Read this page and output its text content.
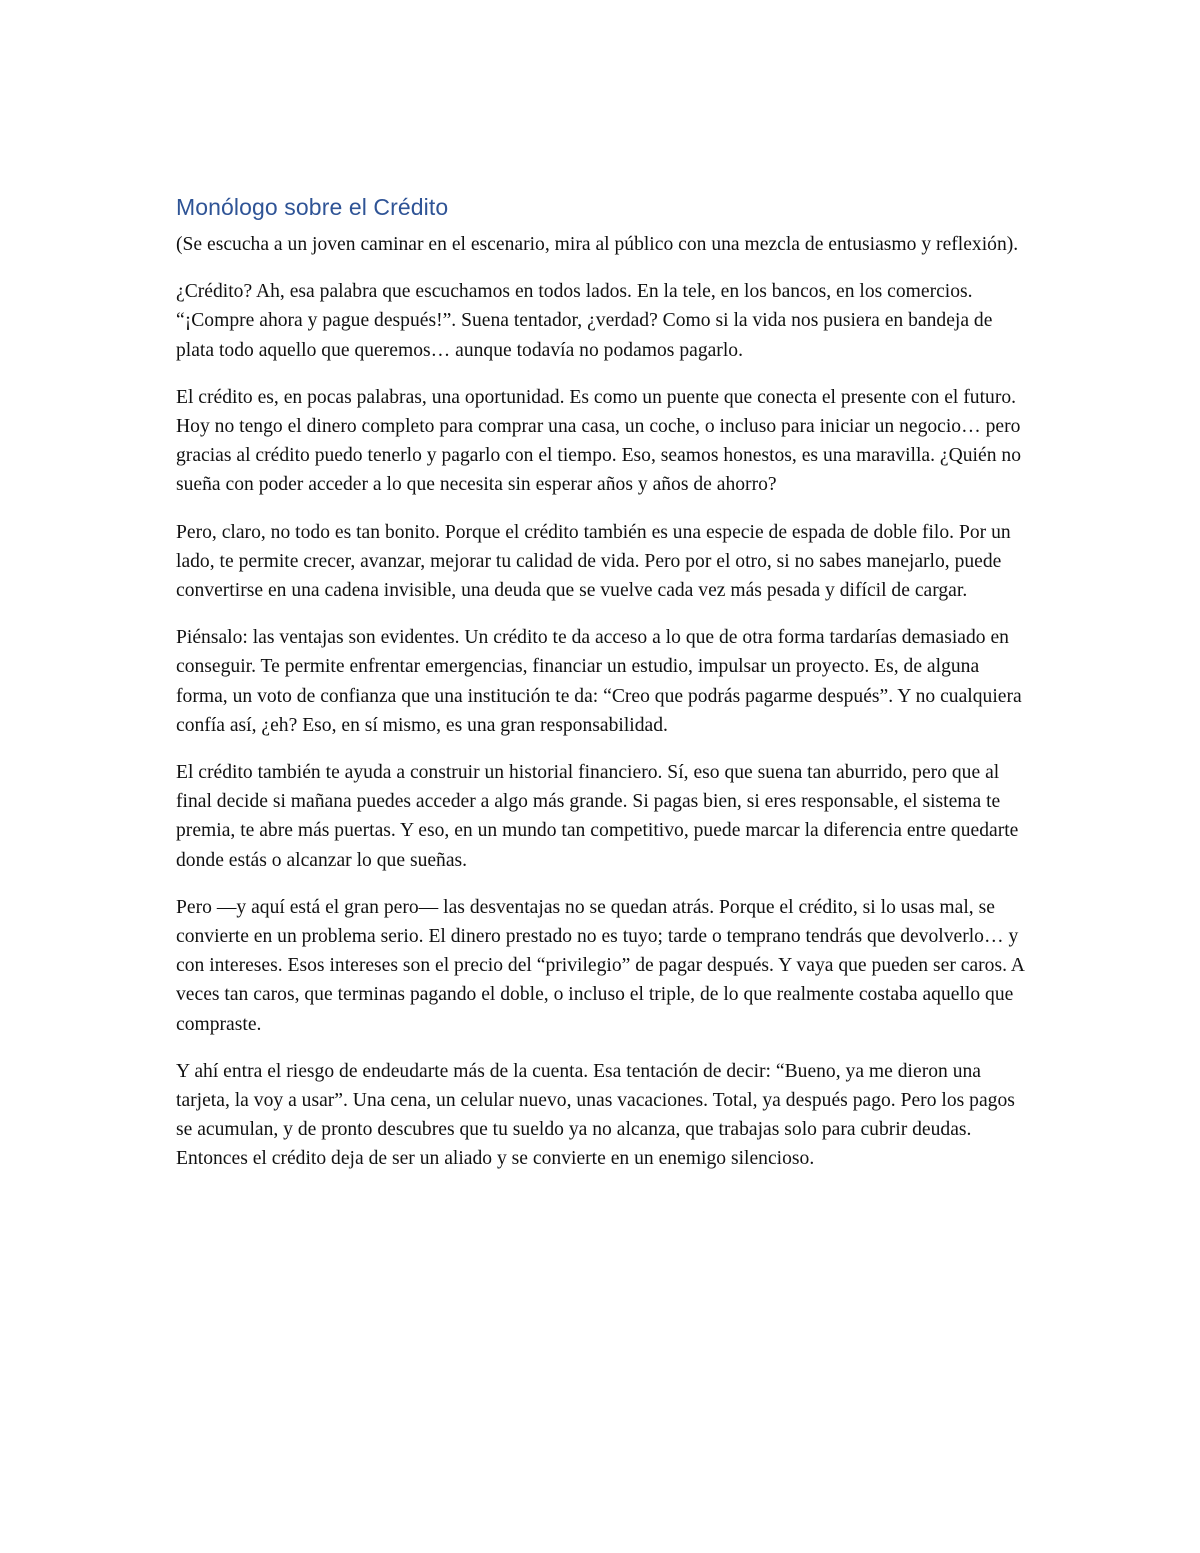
Monólogo sobre el Crédito

(Se escucha a un joven caminar en el escenario, mira al público con una mezcla de entusiasmo y reflexión).

¿Crédito? Ah, esa palabra que escuchamos en todos lados. En la tele, en los bancos, en los comercios. “¡Compre ahora y pague después!”. Suena tentador, ¿verdad? Como si la vida nos pusiera en bandeja de plata todo aquello que queremos… aunque todavía no podamos pagarlo.

El crédito es, en pocas palabras, una oportunidad. Es como un puente que conecta el presente con el futuro. Hoy no tengo el dinero completo para comprar una casa, un coche, o incluso para iniciar un negocio… pero gracias al crédito puedo tenerlo y pagarlo con el tiempo. Eso, seamos honestos, es una maravilla. ¿Quién no sueña con poder acceder a lo que necesita sin esperar años y años de ahorro?

Pero, claro, no todo es tan bonito. Porque el crédito también es una especie de espada de doble filo. Por un lado, te permite crecer, avanzar, mejorar tu calidad de vida. Pero por el otro, si no sabes manejarlo, puede convertirse en una cadena invisible, una deuda que se vuelve cada vez más pesada y difícil de cargar.

Piénsalo: las ventajas son evidentes. Un crédito te da acceso a lo que de otra forma tardarías demasiado en conseguir. Te permite enfrentar emergencias, financiar un estudio, impulsar un proyecto. Es, de alguna forma, un voto de confianza que una institución te da: “Creo que podrás pagarme después”. Y no cualquiera confía así, ¿eh? Eso, en sí mismo, es una gran responsabilidad.

El crédito también te ayuda a construir un historial financiero. Sí, eso que suena tan aburrido, pero que al final decide si mañana puedes acceder a algo más grande. Si pagas bien, si eres responsable, el sistema te premia, te abre más puertas. Y eso, en un mundo tan competitivo, puede marcar la diferencia entre quedarte donde estás o alcanzar lo que sueñas.

Pero —y aquí está el gran pero— las desventajas no se quedan atrás. Porque el crédito, si lo usas mal, se convierte en un problema serio. El dinero prestado no es tuyo; tarde o temprano tendrás que devolverlo… y con intereses. Esos intereses son el precio del “privilegio” de pagar después. Y vaya que pueden ser caros. A veces tan caros, que terminas pagando el doble, o incluso el triple, de lo que realmente costaba aquello que compraste.

Y ahí entra el riesgo de endeudarte más de la cuenta. Esa tentación de decir: “Bueno, ya me dieron una tarjeta, la voy a usar”. Una cena, un celular nuevo, unas vacaciones. Total, ya después pago. Pero los pagos se acumulan, y de pronto descubres que tu sueldo ya no alcanza, que trabajas solo para cubrir deudas. Entonces el crédito deja de ser un aliado y se convierte en un enemigo silencioso.
